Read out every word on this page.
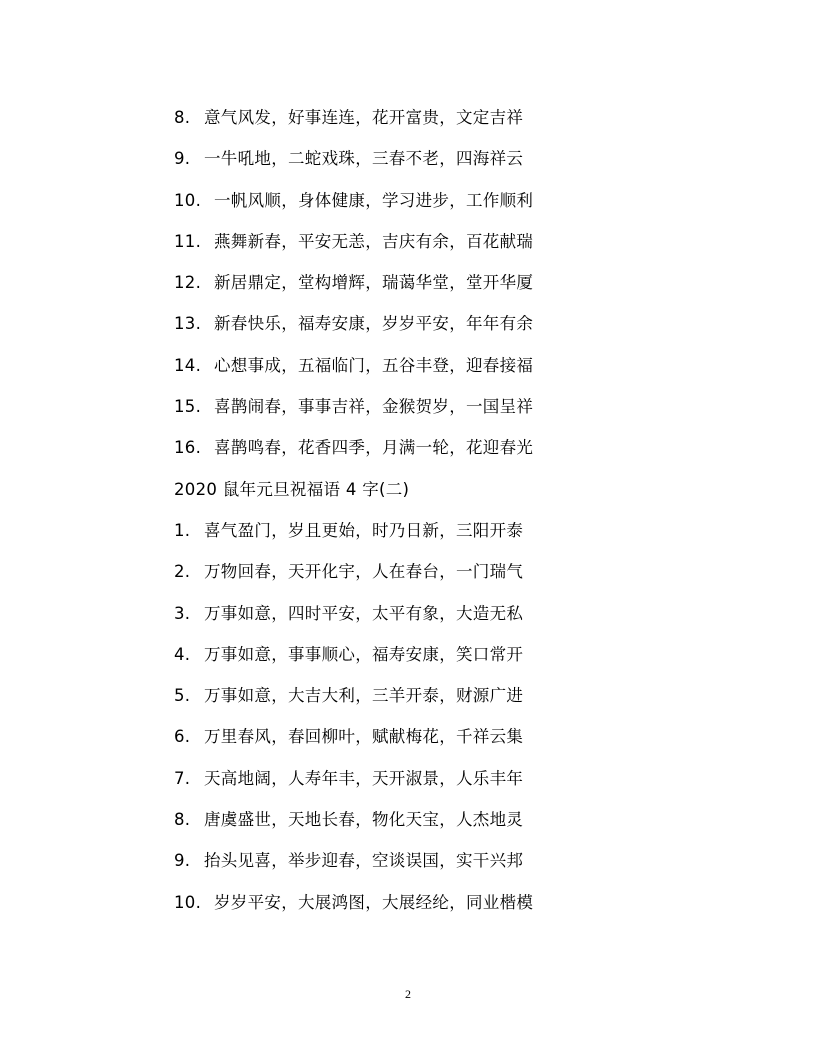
8. 意气风发，好事连连，花开富贵，文定吉祥
9. 一牛吼地，二蛇戏珠，三春不老，四海祥云
10. 一帆风顺，身体健康，学习进步，工作顺利
11. 燕舞新春，平安无恙，吉庆有余，百花献瑞
12. 新居鼎定，堂构增辉，瑞蔼华堂，堂开华厦
13. 新春快乐，福寿安康，岁岁平安，年年有余
14. 心想事成，五福临门，五谷丰登，迎春接福
15. 喜鹊闹春，事事吉祥，金猴贺岁，一国呈祥
16. 喜鹊鸣春，花香四季，月满一轮，花迎春光
2020 鼠年元旦祝福语 4 字(二)
1. 喜气盈门，岁且更始，时乃日新，三阳开泰
2. 万物回春，天开化宇，人在春台，一门瑞气
3. 万事如意，四时平安，太平有象，大造无私
4. 万事如意，事事顺心，福寿安康，笑口常开
5. 万事如意，大吉大利，三羊开泰，财源广进
6. 万里春风，春回柳叶，赋献梅花，千祥云集
7. 天高地阔，人寿年丰，天开淑景，人乐丰年
8. 唐虞盛世，天地长春，物化天宝，人杰地灵
9. 抬头见喜，举步迎春，空谈误国，实干兴邦
10. 岁岁平安，大展鸿图，大展经纶，同业楷模
2
